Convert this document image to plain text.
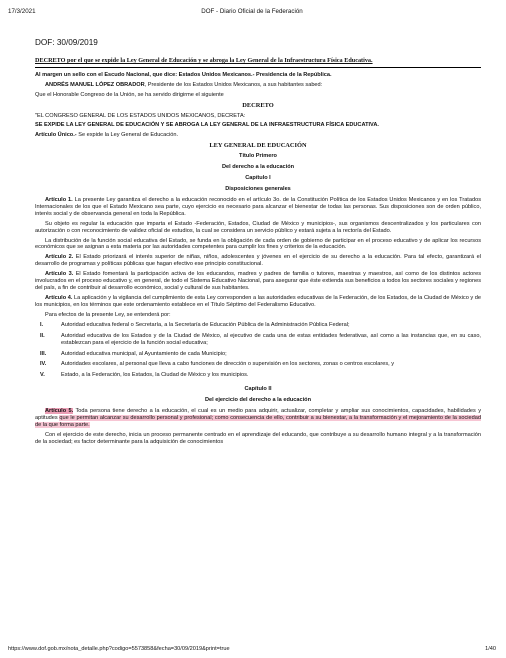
17/3/2021	DOF - Diario Oficial de la Federación
DOF: 30/09/2019
DECRETO por el que se expide la Ley General de Educación y se abroga la Ley General de la Infraestructura Física Educativa.

Al margen un sello con el Escudo Nacional, que dice: Estados Unidos Mexicanos.- Presidencia de la República.

ANDRÉS MANUEL LÓPEZ OBRADOR, Presidente de los Estados Unidos Mexicanos, a sus habitantes sabed:

Que el Honorable Congreso de la Unión, se ha servido dirigirme el siguiente

DECRETO

"EL CONGRESO GENERAL DE LOS ESTADOS UNIDOS MEXICANOS, DECRETA:

SE EXPIDE LA LEY GENERAL DE EDUCACIÓN Y SE ABROGA LA LEY GENERAL DE LA INFRAESTRUCTURA FÍSICA EDUCATIVA.

Artículo Único.- Se expide la Ley General de Educación.

LEY GENERAL DE EDUCACIÓN
Título Primero
Del derecho a la educación
Capítulo I
Disposiciones generales

Artículo 1. La presente Ley garantiza el derecho a la educación reconocido en el artículo 3o. de la Constitución Política de los Estados Unidos Mexicanos y en los Tratados Internacionales de los que el Estado Mexicano sea parte, cuyo ejercicio es necesario para alcanzar el bienestar de todas las personas. Sus disposiciones son de orden público, interés social y de observancia general en toda la República.

Su objeto es regular la educación que imparta el Estado -Federación, Estados, Ciudad de México y municipios-, sus organismos descentralizados y los particulares con autorización o con reconocimiento de validez oficial de estudios, la cual se considera un servicio público y estará sujeta a la rectoría del Estado.

La distribución de la función social educativa del Estado, se funda en la obligación de cada orden de gobierno de participar en el proceso educativo y de aplicar los recursos económicos que se asignan a esta materia por las autoridades competentes para cumplir los fines y criterios de la educación.

Artículo 2. El Estado priorizará el interés superior de niñas, niños, adolescentes y jóvenes en el ejercicio de su derecho a la educación. Para tal efecto, garantizará el desarrollo de programas y políticas públicas que hagan efectivo ese principio constitucional.

Artículo 3. El Estado fomentará la participación activa de los educandos, madres y padres de familia o tutores, maestras y maestros, así como de los distintos actores involucrados en el proceso educativo y, en general, de todo el Sistema Educativo Nacional, para asegurar que éste extienda sus beneficios a todos los sectores sociales y regiones del país, a fin de contribuir al desarrollo económico, social y cultural de sus habitantes.

Artículo 4. La aplicación y la vigilancia del cumplimiento de esta Ley corresponden a las autoridades educativas de la Federación, de los Estados, de la Ciudad de México y de los municipios, en los términos que este ordenamiento establece en el Título Séptimo del Federalismo Educativo.

Para efectos de la presente Ley, se entenderá por:

I.	Autoridad educativa federal o Secretaría, a la Secretaría de Educación Pública de la Administración Pública Federal;
II.	Autoridad educativa de los Estados y de la Ciudad de México, al ejecutivo de cada una de estas entidades federativas, así como a las instancias que, en su caso, establezcan para el ejercicio de la función social educativa;
III.	Autoridad educativa municipal, al Ayuntamiento de cada Municipio;
IV.	Autoridades escolares, al personal que lleva a cabo funciones de dirección o supervisión en los sectores, zonas o centros escolares, y
V.	Estado, a la Federación, los Estados, la Ciudad de México y los municipios.
Capítulo II
Del ejercicio del derecho a la educación

Artículo 5. Toda persona tiene derecho a la educación, el cual es un medio para adquirir, actualizar, completar y ampliar sus conocimientos, capacidades, habilidades y aptitudes que le permitan alcanzar su desarrollo personal y profesional; como consecuencia de ello, contribuir a su bienestar, a la transformación y el mejoramiento de la sociedad de la que forma parte.

Con el ejercicio de este derecho, inicia un proceso permanente centrado en el aprendizaje del educando, que contribuye a su desarrollo humano integral y a la transformación de la sociedad; es factor determinante para la adquisición de conocimientos

https://www.dof.gob.mx/nota_detalle.php?codigo=5573858&fecha=30/09/2019&print=true	1/40
